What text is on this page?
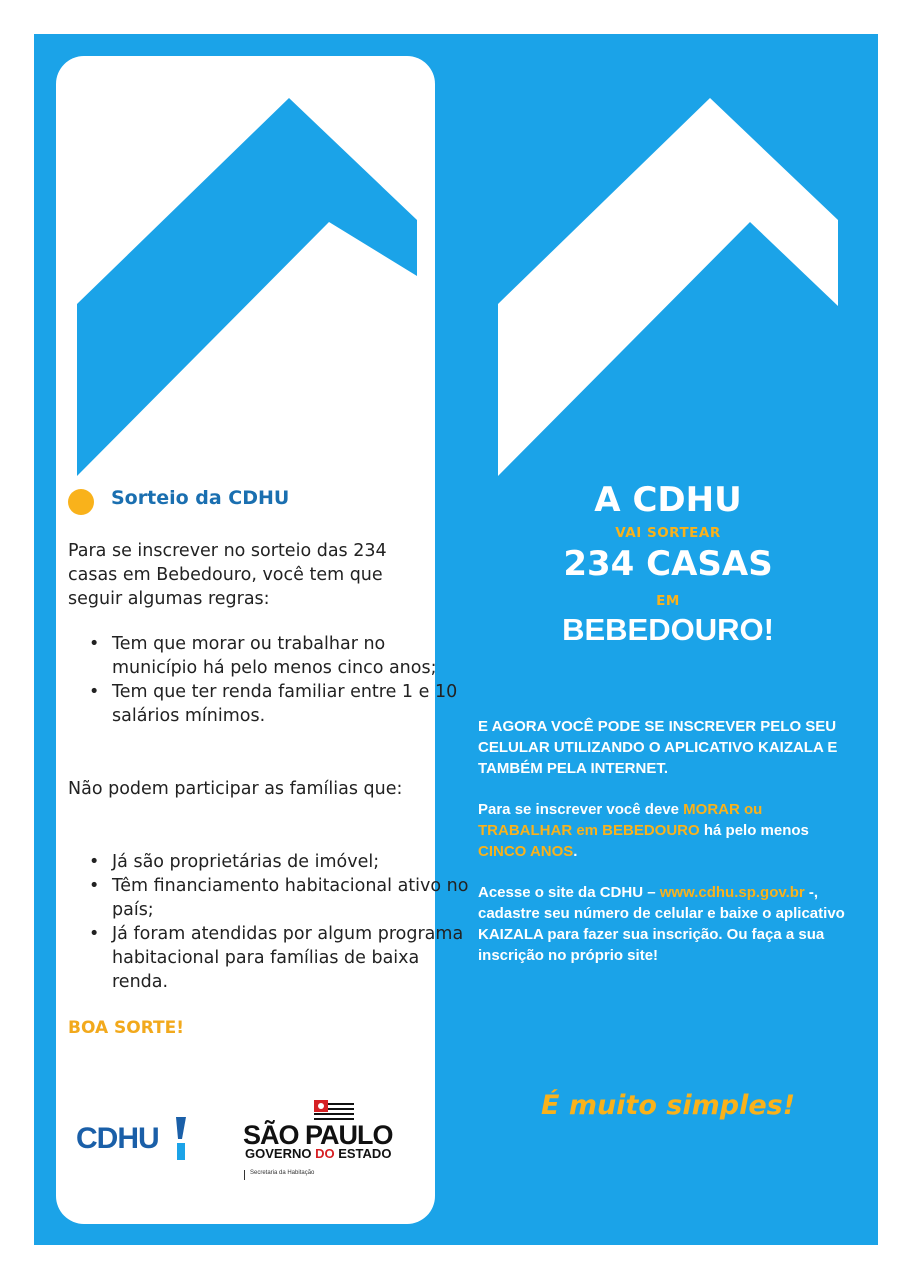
Sorteio da CDHU
Para se inscrever no sorteio das 234 casas em Bebedouro, você tem que seguir algumas regras:
• Tem que morar ou trabalhar no município há pelo menos cinco anos;
• Tem que ter renda familiar entre 1 e 10 salários mínimos.
Não podem participar as famílias que:
• Já são proprietárias de imóvel;
• Têm financiamento habitacional ativo no país;
• Já foram atendidas por algum programa habitacional para famílias de baixa renda.
BOA SORTE!
CDHU	SÃO PAULO
GOVERNO DO ESTADO
Secretaria da Habitação
A CDHU
VAI SORTEAR
234 CASAS
EM
BEBEDOURO!
E AGORA VOCÊ PODE SE INSCREVER PELO SEU CELULAR UTILIZANDO O APLICATIVO KAIZALA E TAMBÉM PELA INTERNET.
Para se inscrever você deve MORAR ou TRABALHAR em BEBEDOURO há pelo menos CINCO ANOS.
Acesse o site da CDHU – www.cdhu.sp.gov.br -, cadastre seu número de celular e baixe o aplicativo KAIZALA para fazer sua inscrição. Ou faça a sua inscrição no próprio site!
É muito simples!
